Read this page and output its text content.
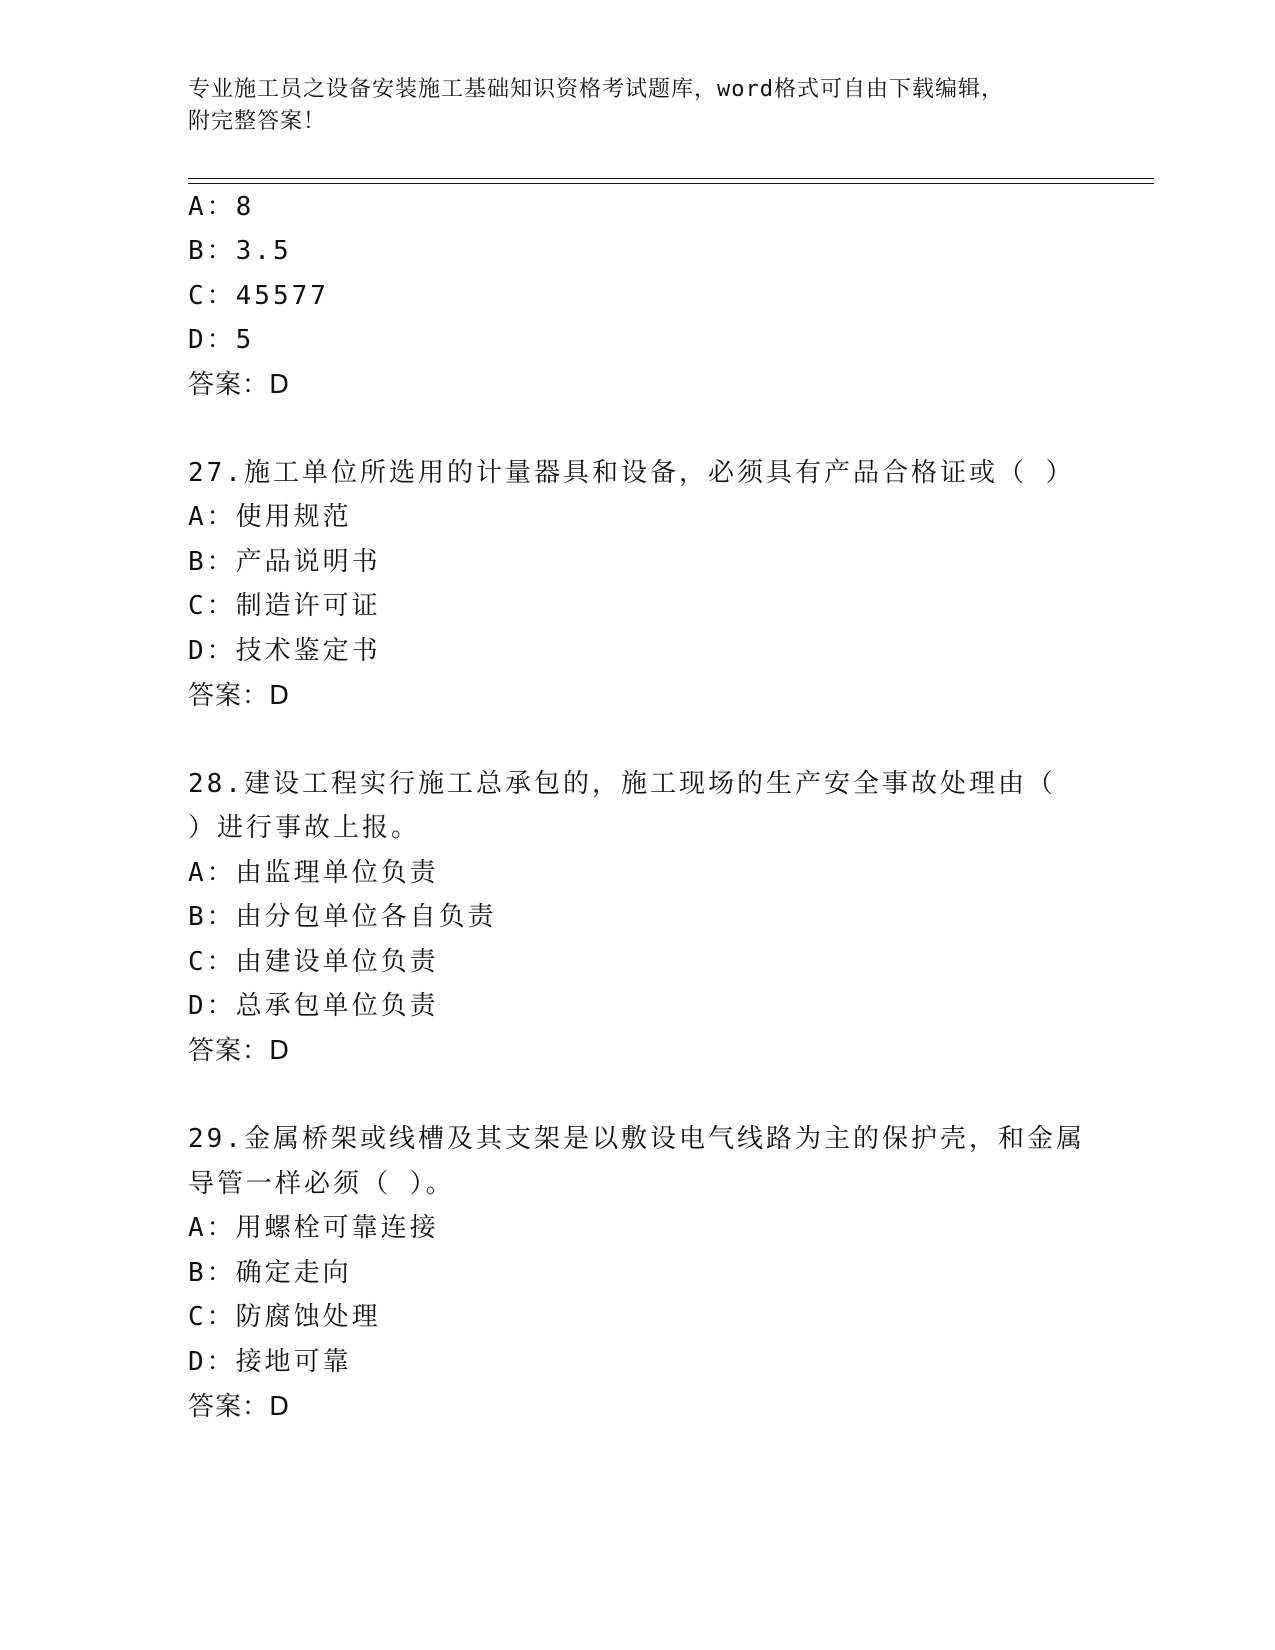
专业施工员之设备安装施工基础知识资格考试题库，word格式可自由下载编辑，
附完整答案！
A：8
B：3.5
C：45577
D：5
答案：D
27.施工单位所选用的计量器具和设备，必须具有产品合格证或（ ）
A：使用规范
B：产品说明书
C：制造许可证
D：技术鉴定书
答案：D
28.建设工程实行施工总承包的，施工现场的生产安全事故处理由（
）进行事故上报。
A：由监理单位负责
B：由分包单位各自负责
C：由建设单位负责
D：总承包单位负责
答案：D
29.金属桥架或线槽及其支架是以敷设电气线路为主的保护壳，和金属
导管一样必须（ ）。
A：用螺栓可靠连接
B：确定走向
C：防腐蚀处理
D：接地可靠
答案：D
